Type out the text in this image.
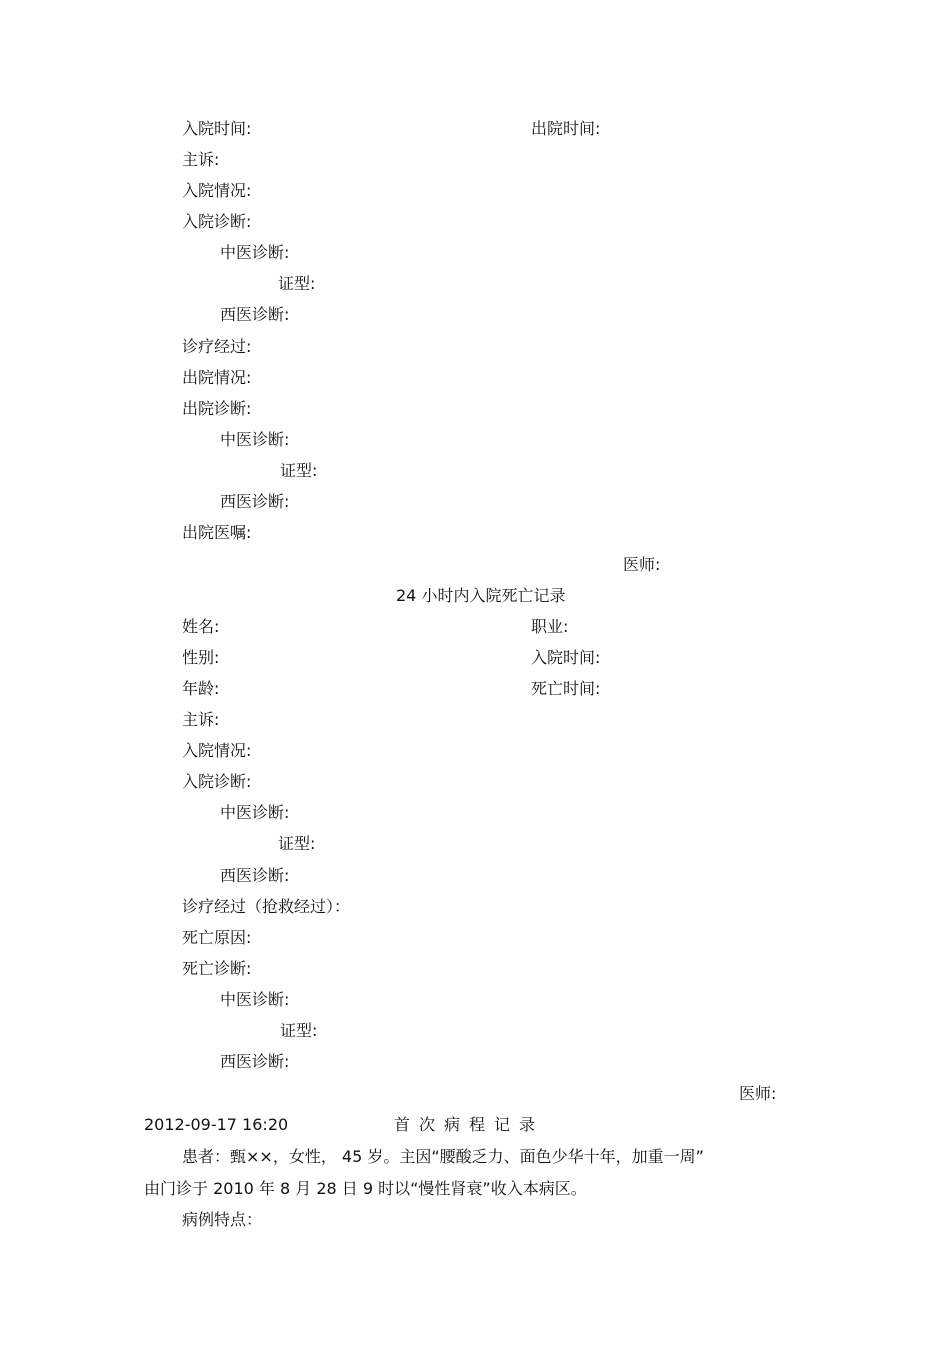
入院时间:	出院时间:
主诉:
入院情况:
入院诊断:
中医诊断:
证型:
西医诊断:
诊疗经过:
出院情况:
出院诊断:
中医诊断:
证型:
西医诊断:
出院医嘱:
医师:
24 小时内入院死亡记录
姓名:	职业:
性别:	入院时间:
年龄:	死亡时间:
主诉:
入院情况:
入院诊断:
中医诊断:
证型:
西医诊断:
诊疗经过（抢救经过）：
死亡原因:
死亡诊断:
中医诊断:
证型:
西医诊断:
医师:
2012-09-17 16:20	首次病程记录
患者：甄××，女性， 45 岁。主因“腰酸乏力、面色少华十年，加重一周”
由门诊于 2010 年 8 月 28 日 9 时以“慢性肾衰”收入本病区。
病例特点：
